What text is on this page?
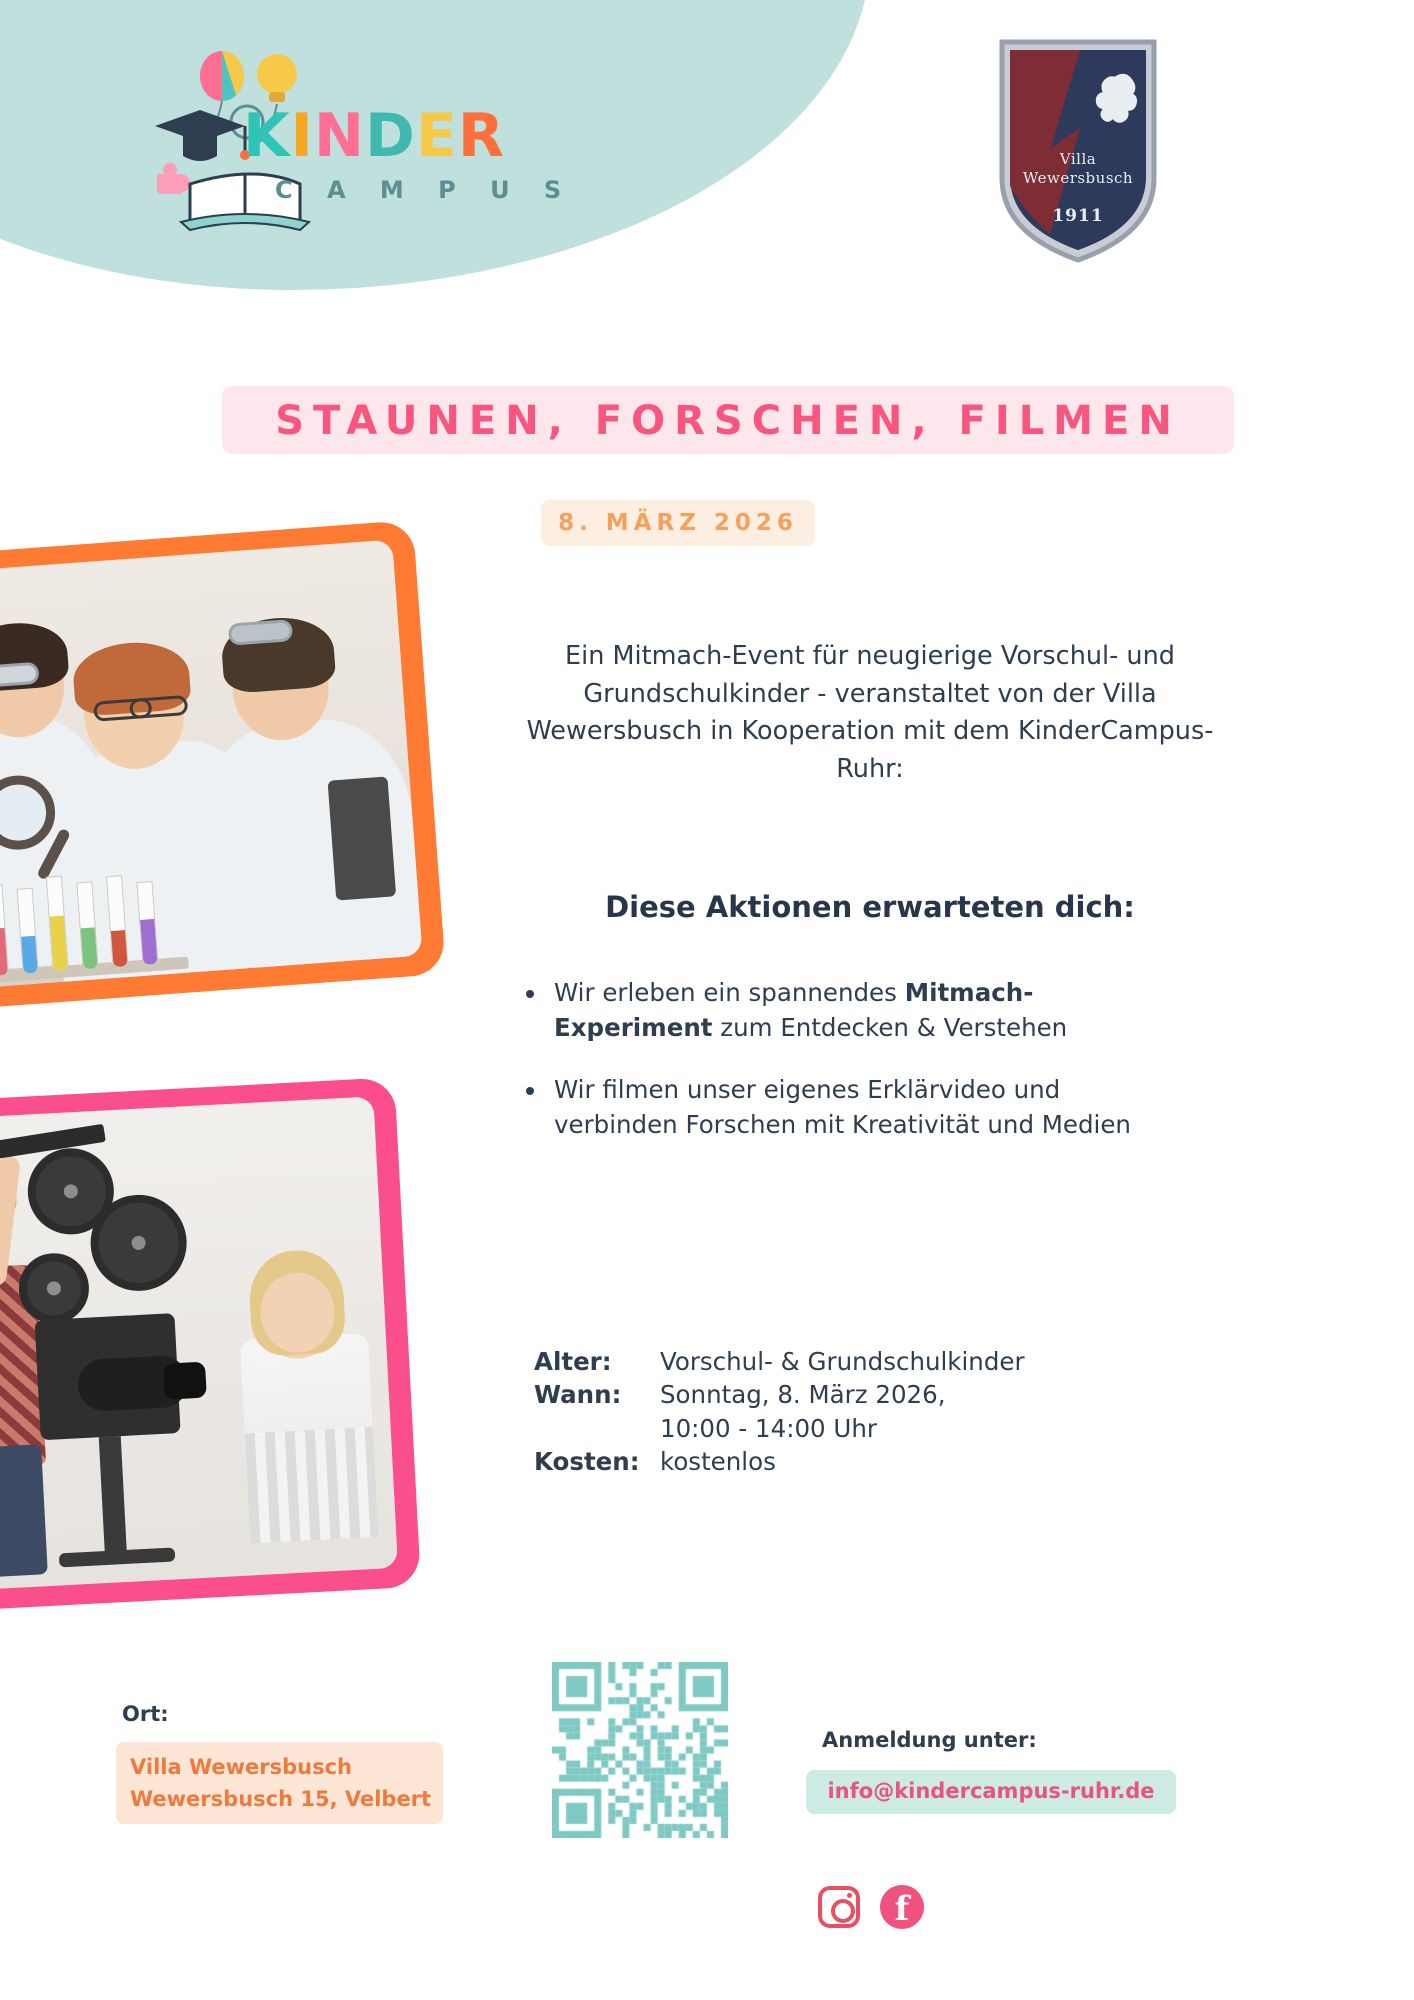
KINDER
C A M P U S
Villa
Wewersbusch
1911
STAUNEN, FORSCHEN, FILMEN
8. MÄRZ 2026
Ein Mitmach-Event für neugierige Vorschul- und Grundschulkinder - veranstaltet von der Villa Wewersbusch in Kooperation mit dem KinderCampus-Ruhr:
Diese Aktionen erwarteten dich:
• Wir erleben ein spannendes Mitmach-Experiment zum Entdecken & Verstehen
• Wir filmen unser eigenes Erklärvideo und verbinden Forschen mit Kreativität und Medien
Alter:	Vorschul- & Grundschulkinder
Wann:	Sonntag, 8. März 2026,
10:00 - 14:00 Uhr
Kosten: kostenlos
Ort:
Villa Wewersbusch
Wewersbusch 15, Velbert
Anmeldung unter:
info@kindercampus-ruhr.de
f
